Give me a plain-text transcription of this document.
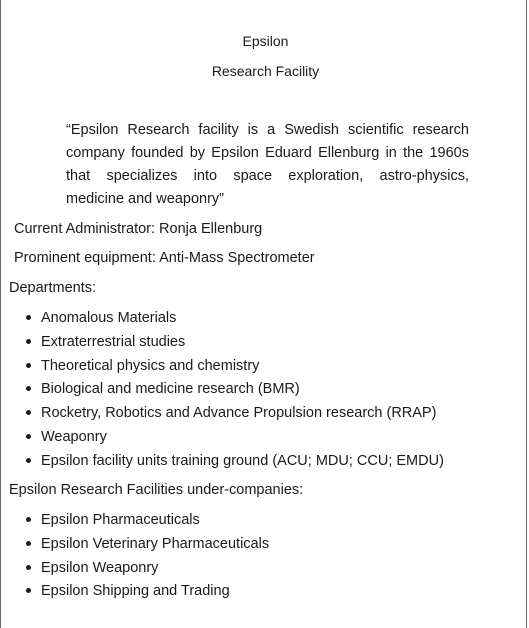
Epsilon
Research Facility
“Epsilon Research facility is a Swedish scientific research company founded by Epsilon Eduard Ellenburg in the 1960s that specializes into space exploration, astro-physics, medicine and weaponry”
Current Administrator: Ronja Ellenburg
Prominent equipment: Anti-Mass Spectrometer
Departments:
Anomalous Materials
Extraterrestrial studies
Theoretical physics and chemistry
Biological and medicine research (BMR)
Rocketry, Robotics and Advance Propulsion research (RRAP)
Weaponry
Epsilon facility units training ground (ACU; MDU; CCU; EMDU)
Epsilon Research Facilities under-companies:
Epsilon Pharmaceuticals
Epsilon Veterinary Pharmaceuticals
Epsilon Weaponry
Epsilon Shipping and Trading
